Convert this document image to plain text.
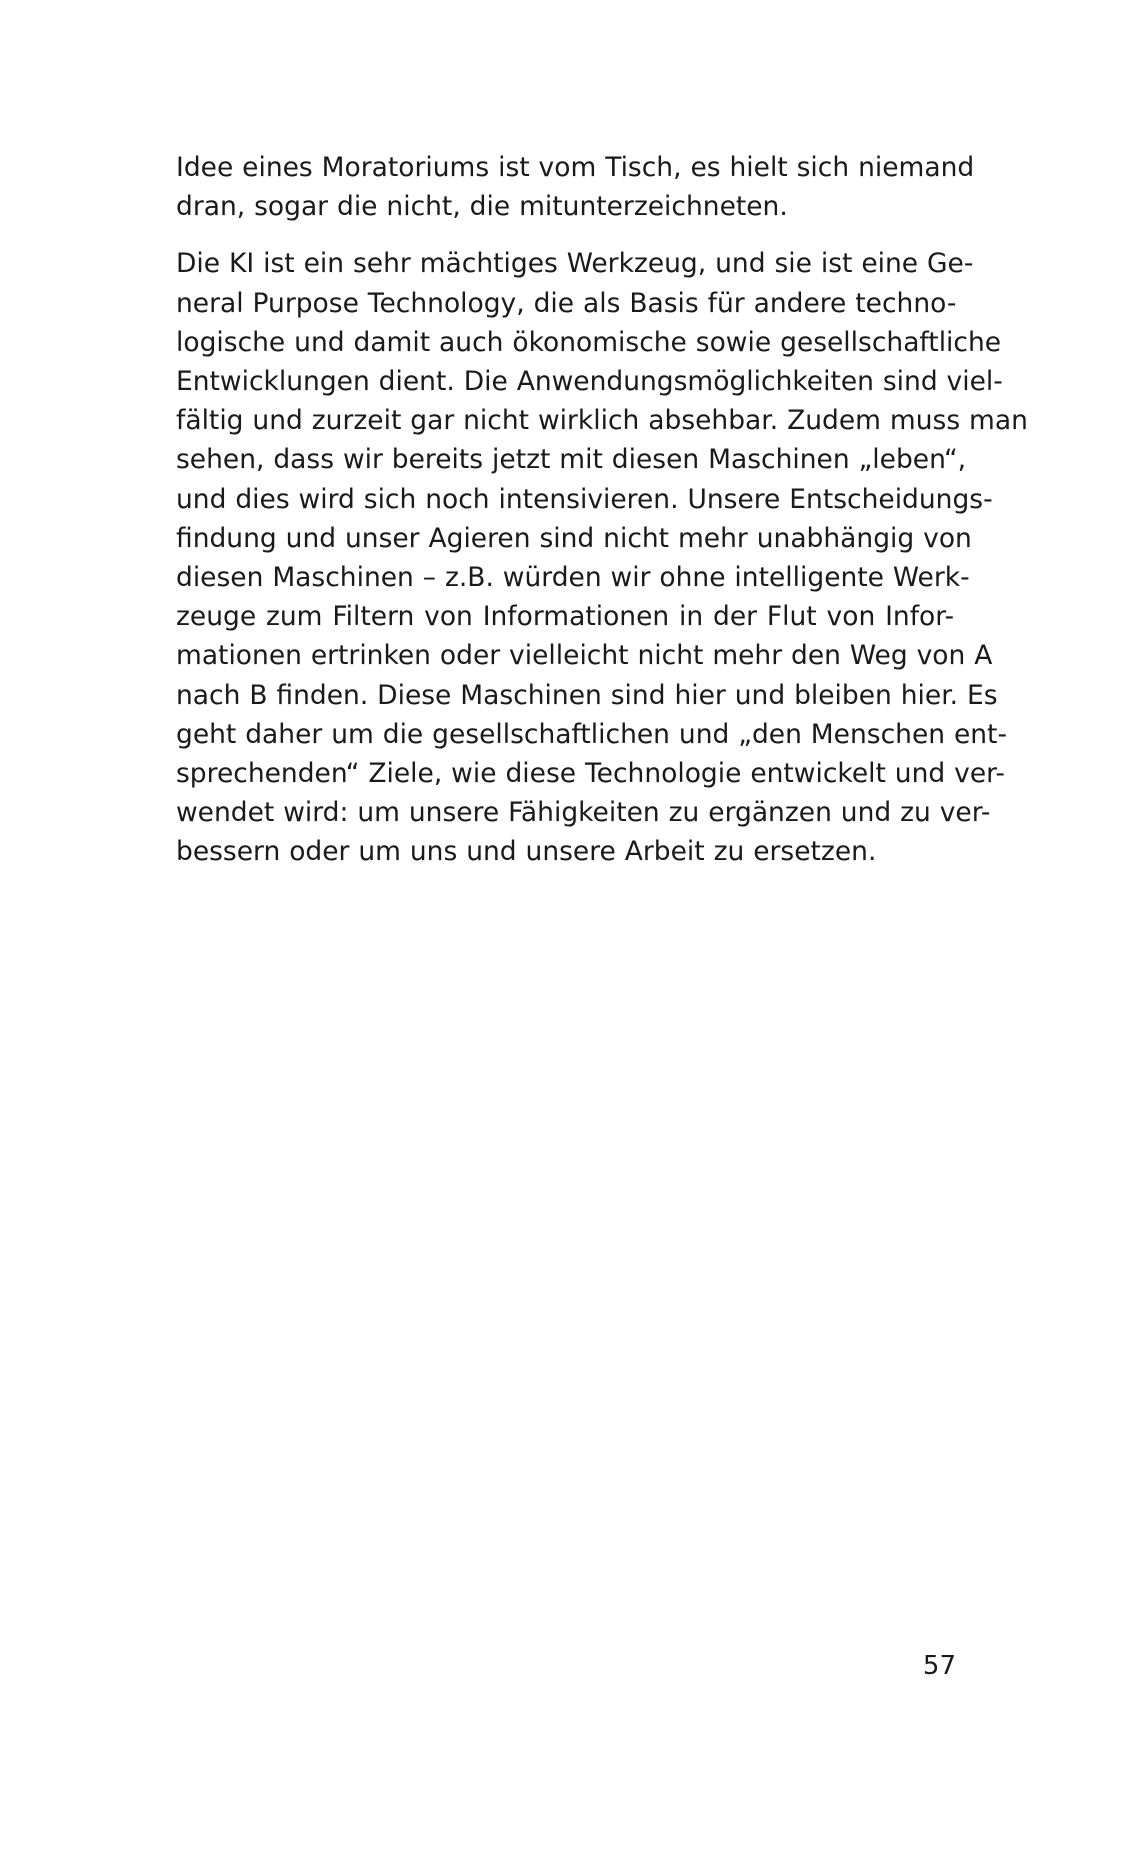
Idee eines Moratoriums ist vom Tisch, es hielt sich niemand
dran, sogar die nicht, die mitunterzeichneten.

Die KI ist ein sehr mächtiges Werkzeug, und sie ist eine Ge-
neral Purpose Technology, die als Basis für andere techno-
logische und damit auch ökonomische sowie gesellschaftliche
Entwicklungen dient. Die Anwendungsmöglichkeiten sind viel-
fältig und zurzeit gar nicht wirklich absehbar. Zudem muss man
sehen, dass wir bereits jetzt mit diesen Maschinen „leben“,
und dies wird sich noch intensivieren. Unsere Entscheidungs-
findung und unser Agieren sind nicht mehr unabhängig von
diesen Maschinen – z.B. würden wir ohne intelligente Werk-
zeuge zum Filtern von Informationen in der Flut von Infor-
mationen ertrinken oder vielleicht nicht mehr den Weg von A
nach B finden. Diese Maschinen sind hier und bleiben hier. Es
geht daher um die gesellschaftlichen und „den Menschen ent-
sprechenden“ Ziele, wie diese Technologie entwickelt und ver-
wendet wird: um unsere Fähigkeiten zu ergänzen und zu ver-
bessern oder um uns und unsere Arbeit zu ersetzen.

57
